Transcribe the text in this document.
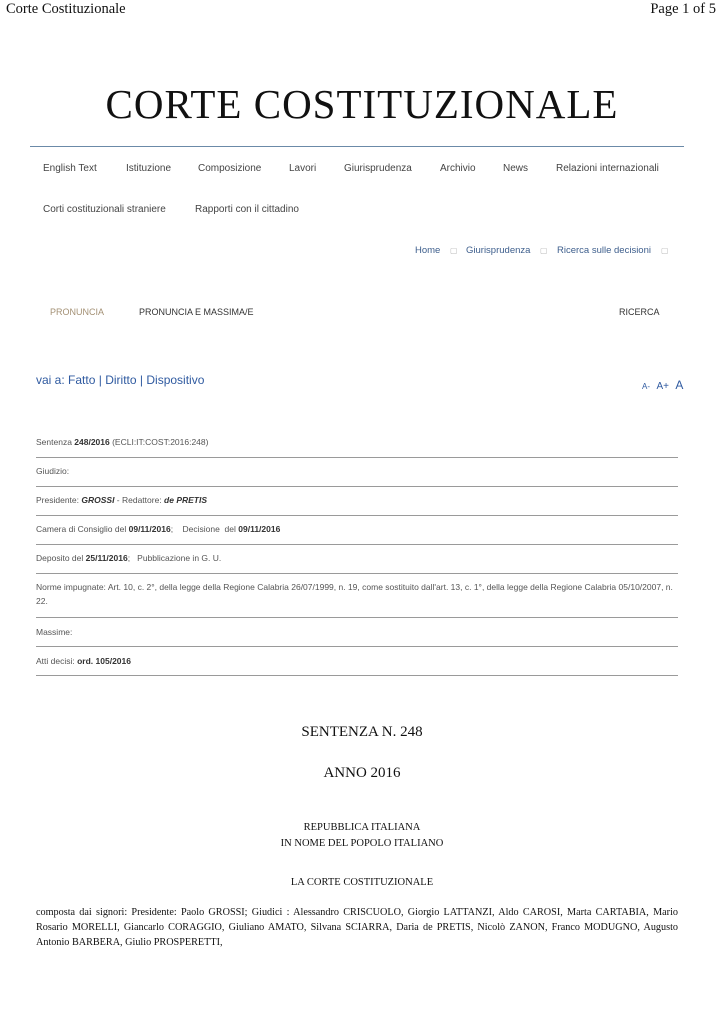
Corte Costituzionale	Page 1 of 5
CORTE COSTITUZIONALE
English Text	Istituzione	Composizione	Lavori	Giurisprudenza	Archivio	News	Relazioni internazionali
Corti costituzionali straniere	Rapporti con il cittadino
Home ▢ Giurisprudenza ▢ Ricerca sulle decisioni ▢
PRONUNCIA	PRONUNCIA E MASSIMA/E	RICERCA
vai a: Fatto | Diritto | Dispositivo	A- A+ A
Sentenza 248/2016 (ECLI:IT:COST:2016:248)
Giudizio:
Presidente: GROSSI - Redattore: de PRETIS
Camera di Consiglio del 09/11/2016;    Decisione  del 09/11/2016
Deposito del 25/11/2016;   Pubblicazione in G. U.
Norme impugnate: Art. 10, c. 2°, della legge della Regione Calabria 26/07/1999, n. 19, come sostituito dall'art. 13, c. 1°, della legge della Regione Calabria 05/10/2007, n. 22.
Massime:
Atti decisi: ord. 105/2016
SENTENZA N. 248
ANNO 2016
REPUBBLICA ITALIANA
IN NOME DEL POPOLO ITALIANO
LA CORTE COSTITUZIONALE
composta dai signori: Presidente: Paolo GROSSI; Giudici : Alessandro CRISCUOLO, Giorgio LATTANZI, Aldo CAROSI, Marta CARTABIA, Mario Rosario MORELLI, Giancarlo CORAGGIO, Giuliano AMATO, Silvana SCIARRA, Daria de PRETIS, Nicolò ZANON, Franco MODUGNO, Augusto Antonio BARBERA, Giulio PROSPERETTI,
